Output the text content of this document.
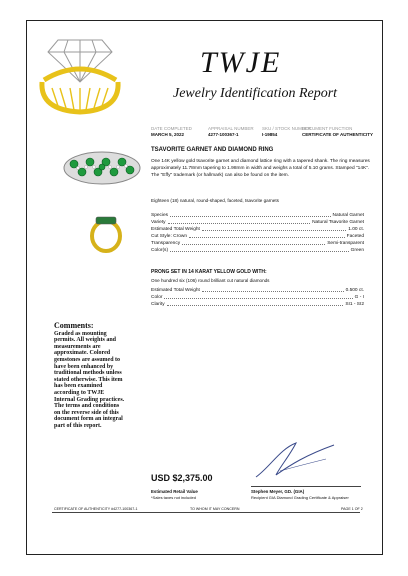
TWJE
Jewelry Identification Report
DATE COMPLETED
MARCH 5, 2022
APPRAISAL NUMBER
4277-100367-1
SKU / STOCK NUMBER
I-19854
DOCUMENT FUNCTION
CERTIFICATE OF AUTHENTICITY
TSAVORITE GARNET AND DIAMOND RING
One 14K yellow gold tsavorite garnet and diamond lattice ring with a tapered shank. The ring measures approximately 11.78mm tapering to 1.98mm in width and weighs a total of 5.10 grams. Stamped "14K". The "Effy" trademark (or hallmark) can also be found on the item.
Eighteen (18) natural, round-shaped, faceted, tsavorite garnets
Species	Natural Garnet
Variety	Natural Tsavorite Garnet
Estimated Total Weight	1.00 ct.
Cut Style: Crown	Faceted
Transparency	Semi-transparent
Color(s)	Green
PRONG SET IN 14 KARAT YELLOW GOLD WITH:
One hundred six (106) round brilliant cut natural diamonds
Estimated Total Weight	0.500 ct.
Color	G - I
Clarity	SI1 - SI2
Comments:
Graded as mounting permits. All weights and measurements are approximate. Colored gemstones are assumed to have been enhanced by traditional methods unless stated otherwise. This item has been examined according to TWJE Internal Grading practices. The terms and conditions on the reverse side of this document form an integral part of this report.
USD $2,375.00
Estimated Retail Value
*Sales taxes not included
Stephen Meyer, GD. (GIA)
Recipient GIA Diamond Grading Certificate & Appraiser
CERTIFICATE OF AUTHENTICITY #4277-100367-1	TO WHOM IT MAY CONCERN	PAGE 1 OF 2
